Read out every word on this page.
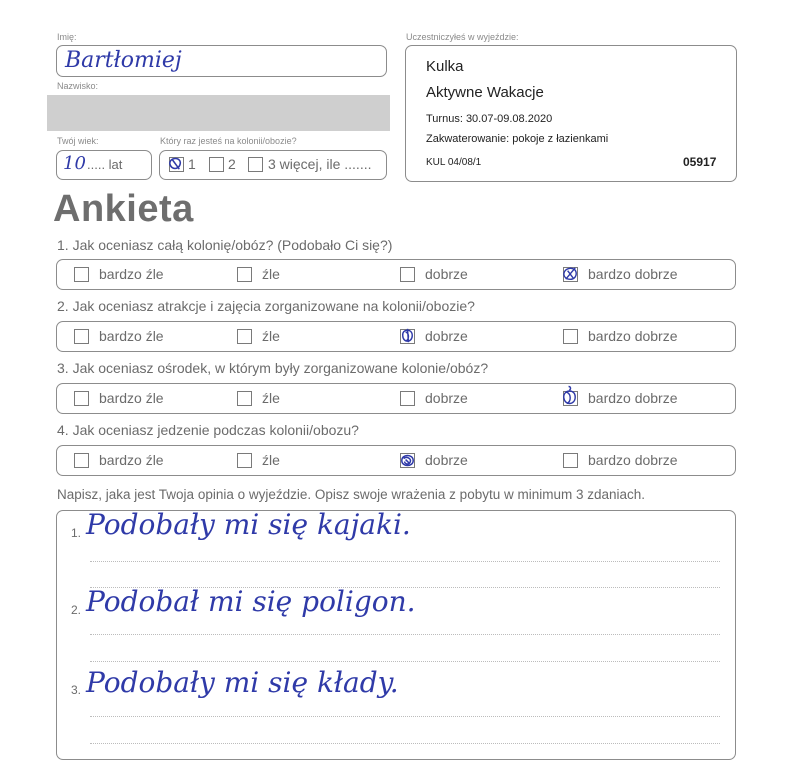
Imię:
Bartłomiej
Nazwisko:
Twój wiek:	Który raz jesteś na kolonii/obozie?
10 ..... lat	1 2 3 więcej, ile .......
Uczestniczyłeś w wyjeździe:
Kulka
Aktywne Wakacje
Turnus: 30.07-09.08.2020
Zakwaterowanie: pokoje z łazienkami
KUL 04/08/1	05917
Ankieta
1. Jak oceniasz całą kolonię/obóz? (Podobało Ci się?)
bardzo źle	źle	dobrze	bardzo dobrze
2. Jak oceniasz atrakcje i zajęcia zorganizowane na kolonii/obozie?
bardzo źle	źle	dobrze	bardzo dobrze
3. Jak oceniasz ośrodek, w którym były zorganizowane kolonie/obóz?
bardzo źle	źle	dobrze	bardzo dobrze
4. Jak oceniasz jedzenie podczas kolonii/obozu?
bardzo źle	źle	dobrze	bardzo dobrze
Napisz, jaka jest Twoja opinia o wyjeździe. Opisz swoje wrażenia z pobytu w minimum 3 zdaniach.
1. Podobały mi się kajaki.
2. Podobał mi się poligon.
3. Podobały mi się kłady.
